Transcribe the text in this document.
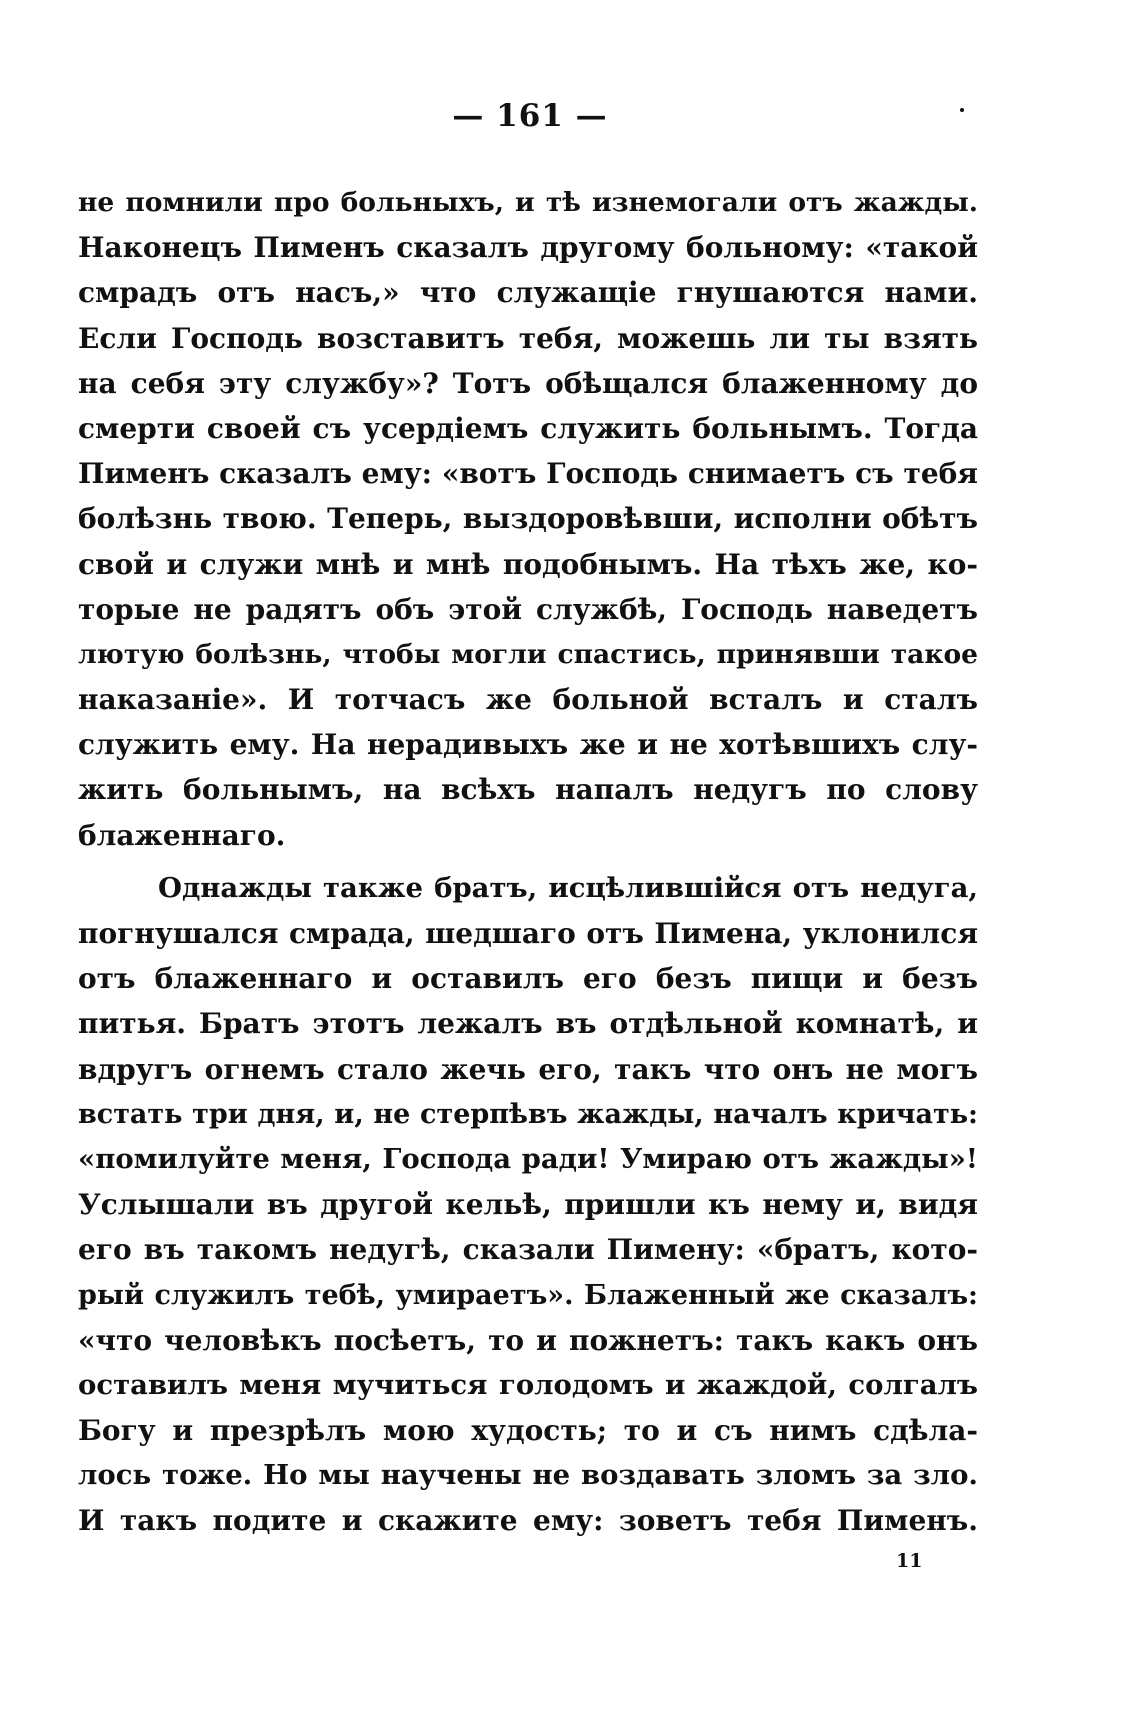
— 161 —
не помнили про больныхъ, и тѣ изнемогали отъ жажды.
Наконецъ Пименъ сказалъ другому больному: «такой
смрадъ отъ насъ,» что служащіе гнушаются нами.
Если Господь возставитъ тебя, можешь ли ты взять
на себя эту службу»? Тотъ обѣщался блаженному до
смерти своей съ усердіемъ служить больнымъ. Тогда
Пименъ сказалъ ему: «вотъ Господь снимаетъ съ тебя
болѣзнь твою. Теперь, выздоровѣвши, исполни обѣтъ
свой и служи мнѣ и мнѣ подобнымъ. На тѣхъ же, ко-
торые не радятъ объ этой службѣ, Господь наведетъ
лютую болѣзнь, чтобы могли спастись, принявши такое
наказаніе». И тотчасъ же больной всталъ и сталъ
служить ему. На нерадивыхъ же и не хотѣвшихъ слу-
жить больнымъ, на всѣхъ напалъ недугъ по слову
блаженнаго.
Однажды также братъ, исцѣлившійся отъ недуга,
погнушался смрада, шедшаго отъ Пимена, уклонился
отъ блаженнаго и оставилъ его безъ пищи и безъ
питья. Братъ этотъ лежалъ въ отдѣльной комнатѣ, и
вдругъ огнемъ стало жечь его, такъ что онъ не могъ
встать три дня, и, не стерпѣвъ жажды, началъ кричать:
«помилуйте меня, Господа ради! Умираю отъ жажды»!
Услышали въ другой кельѣ, пришли къ нему и, видя
его въ такомъ недугѣ, сказали Пимену: «братъ, кото-
рый служилъ тебѣ, умираетъ». Блаженный же сказалъ:
«что человѣкъ посѣетъ, то и пожнетъ: такъ какъ онъ
оставилъ меня мучиться голодомъ и жаждой, солгалъ
Богу и презрѣлъ мою худость; то и съ нимъ сдѣла-
лось тоже. Но мы научены не воздавать зломъ за зло.
И такъ подите и скажите ему: зоветъ тебя Пименъ.
11
